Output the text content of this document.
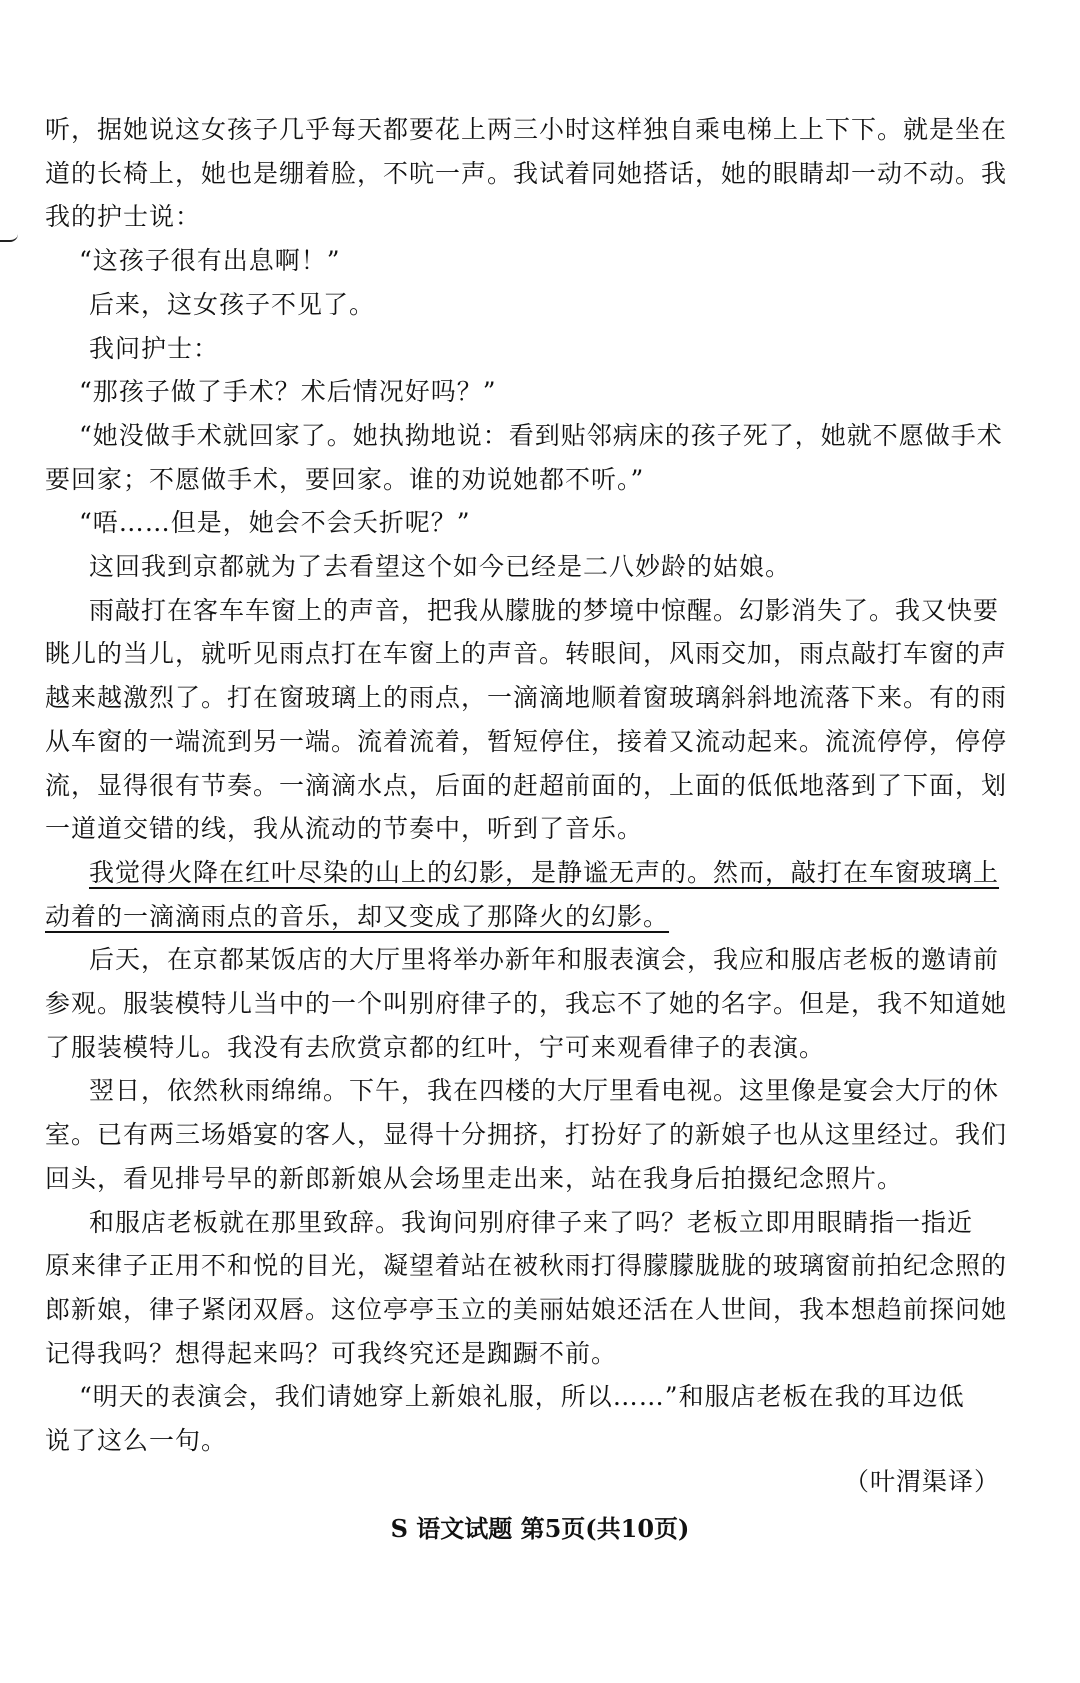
听，据她说这女孩子几乎每天都要花上两三小时这样独自乘电梯上上下下。就是坐在
道的长椅上，她也是绷着脸，不吭一声。我试着同她搭话，她的眼睛却一动不动。我
我的护士说：
“这孩子很有出息啊！”
后来，这女孩子不见了。
我问护士：
“那孩子做了手术？术后情况好吗？”
“她没做手术就回家了。她执拗地说：看到贴邻病床的孩子死了，她就不愿做手术
要回家；不愿做手术，要回家。谁的劝说她都不听。”
“唔……但是，她会不会夭折呢？”
这回我到京都就为了去看望这个如今已经是二八妙龄的姑娘。
雨敲打在客车车窗上的声音，把我从朦胧的梦境中惊醒。幻影消失了。我又快要
眺儿的当儿，就听见雨点打在车窗上的声音。转眼间，风雨交加，雨点敲打车窗的声
越来越激烈了。打在窗玻璃上的雨点，一滴滴地顺着窗玻璃斜斜地流落下来。有的雨
从车窗的一端流到另一端。流着流着，暂短停住，接着又流动起来。流流停停，停停
流，显得很有节奏。一滴滴水点，后面的赶超前面的，上面的低低地落到了下面，划
一道道交错的线，我从流动的节奏中，听到了音乐。
我觉得火降在红叶尽染的山上的幻影，是静谧无声的。然而，敲打在车窗玻璃上
动着的一滴滴雨点的音乐，却又变成了那降火的幻影。
后天，在京都某饭店的大厅里将举办新年和服表演会，我应和服店老板的邀请前
参观。服装模特儿当中的一个叫别府律子的，我忘不了她的名字。但是，我不知道她
了服装模特儿。我没有去欣赏京都的红叶，宁可来观看律子的表演。
翌日，依然秋雨绵绵。下午，我在四楼的大厅里看电视。这里像是宴会大厅的休
室。已有两三场婚宴的客人，显得十分拥挤，打扮好了的新娘子也从这里经过。我们
回头，看见排号早的新郎新娘从会场里走出来，站在我身后拍摄纪念照片。
和服店老板就在那里致辞。我询问别府律子来了吗？老板立即用眼睛指一指近
原来律子正用不和悦的目光，凝望着站在被秋雨打得朦朦胧胧的玻璃窗前拍纪念照的
郎新娘，律子紧闭双唇。这位亭亭玉立的美丽姑娘还活在人世间，我本想趋前探问她
记得我吗？想得起来吗？可我终究还是踟蹰不前。
“明天的表演会，我们请她穿上新娘礼服，所以……”和服店老板在我的耳边低
说了这么一句。
（叶渭渠译）
S 语文试题 第5页(共10页)
